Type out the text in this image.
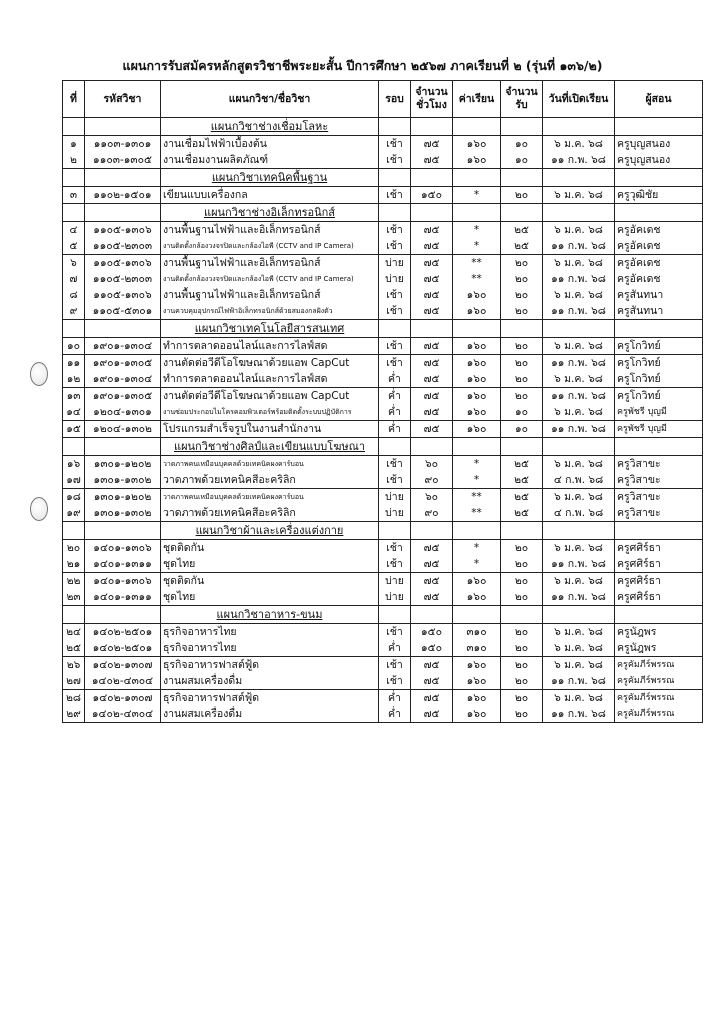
แผนการรับสมัครหลักสูตรวิชาชีพระยะสั้น ปีการศึกษา ๒๕๖๗ ภาคเรียนที่ ๒ (รุ่นที่ ๑๓๖/๒)
ที่	รหัสวิชา	แผนกวิชา/ชื่อวิชา	รอบ	จำนวนชั่วโมง	ค่าเรียน	จำนวนรับ	วันที่เปิดเรียน	ผู้สอน
		แผนกวิชาช่างเชื่อมโลหะ						
๑	๑๑๐๓-๑๓๐๑	งานเชื่อมไฟฟ้าเบื้องต้น	เช้า	๗๕	๑๖๐	๑๐	๖ ม.ค. ๖๘	ครูบุญสนอง
๒	๑๑๐๓-๑๓๐๕	งานเชื่อมงานผลิตภัณฑ์	เช้า	๗๕	๑๖๐	๑๐	๑๑ ก.พ. ๖๘	ครูบุญสนอง
		แผนกวิชาเทคนิคพื้นฐาน						
๓	๑๑๐๒-๑๕๐๑	เขียนแบบเครื่องกล	เช้า	๑๕๐	*	๒๐	๖ ม.ค. ๖๘	ครูวุฒิชัย
		แผนกวิชาช่างอิเล็กทรอนิกส์						
๔	๑๑๐๕-๑๓๐๖	งานพื้นฐานไฟฟ้าและอิเล็กทรอนิกส์	เช้า	๗๕	*	๒๕	๖ ม.ค. ๖๘	ครูอัคเดช
๕	๑๑๐๕-๒๓๐๓	งานติดตั้งกล้องวงจรปิดและกล้องไอพี (CCTV and IP Camera)	เช้า	๗๕	*	๒๕	๑๑ ก.พ. ๖๘	ครูอัคเดช
๖	๑๑๐๕-๑๓๐๖	งานพื้นฐานไฟฟ้าและอิเล็กทรอนิกส์	บ่าย	๗๕	**	๒๐	๖ ม.ค. ๖๘	ครูอัคเดช
๗	๑๑๐๕-๒๓๐๓	งานติดตั้งกล้องวงจรปิดและกล้องไอพี (CCTV and IP Camera)	บ่าย	๗๕	**	๒๐	๑๑ ก.พ. ๖๘	ครูอัคเดช
๘	๑๑๐๕-๑๓๐๖	งานพื้นฐานไฟฟ้าและอิเล็กทรอนิกส์	เช้า	๗๕	๑๖๐	๒๐	๖ ม.ค. ๖๘	ครูสันทนา
๙	๑๑๐๕-๕๓๐๑	งานควบคุมอุปกรณ์ไฟฟ้าอิเล็กทรอนิกส์ด้วยสมองกลฝังตัว	เช้า	๗๕	๑๖๐	๒๐	๑๑ ก.พ. ๖๘	ครูสันทนา
		แผนกวิชาเทคโนโลยีสารสนเทศ						
๑๐	๑๙๐๑-๑๓๐๔	ทำการตลาดออนไลน์และการไลฟ์สด	เช้า	๗๕	๑๖๐	๒๐	๖ ม.ค. ๖๘	ครูโกวิทย์
๑๑	๑๙๐๑-๑๓๐๕	งานตัดต่อวีดีโอโฆษณาด้วยแอพ CapCut	เช้า	๗๕	๑๖๐	๒๐	๑๑ ก.พ. ๖๘	ครูโกวิทย์
๑๒	๑๙๐๑-๑๓๐๔	ทำการตลาดออนไลน์และการไลฟ์สด	ค่ำ	๗๕	๑๖๐	๒๐	๖ ม.ค. ๖๘	ครูโกวิทย์
๑๓	๑๙๐๑-๑๓๐๕	งานตัดต่อวีดีโอโฆษณาด้วยแอพ CapCut	ค่ำ	๗๕	๑๖๐	๒๐	๑๑ ก.พ. ๖๘	ครูโกวิทย์
๑๔	๑๒๐๔-๑๓๐๑	งานซ่อมประกอบไมโครคอมพิวเตอร์พร้อมติดตั้งระบบปฏิบัติการ	ค่ำ	๗๕	๑๖๐	๑๐	๖ ม.ค. ๖๘	ครูพัชรี บุญมี
๑๕	๑๒๐๔-๑๓๐๒	โปรแกรมสำเร็จรูปในงานสำนักงาน	ค่ำ	๗๕	๑๖๐	๑๐	๑๑ ก.พ. ๖๘	ครูพัชรี บุญมี
		แผนกวิชาช่างศิลป์และเขียนแบบโฆษณา						
๑๖	๑๓๐๑-๑๒๐๒	วาดภาพคนเหมือนบุคคลด้วยเทคนิคผงคาร์บอน	เช้า	๖๐	*	๒๕	๖ ม.ค. ๖๘	ครูวิสาขะ
๑๗	๑๓๐๑-๑๓๐๒	วาดภาพด้วยเทคนิคสีอะคริลิก	เช้า	๙๐	*	๒๕	๔ ก.พ. ๖๘	ครูวิสาขะ
๑๘	๑๓๐๑-๑๒๐๒	วาดภาพคนเหมือนบุคคลด้วยเทคนิคผงคาร์บอน	บ่าย	๖๐	**	๒๕	๖ ม.ค. ๖๘	ครูวิสาขะ
๑๙	๑๓๐๑-๑๓๐๒	วาดภาพด้วยเทคนิคสีอะคริลิก	บ่าย	๙๐	**	๒๕	๔ ก.พ. ๖๘	ครูวิสาขะ
		แผนกวิชาผ้าและเครื่องแต่งกาย						
๒๐	๑๔๐๑-๑๓๐๖	ชุดติดกัน	เช้า	๗๕	*	๒๐	๖ ม.ค. ๖๘	ครูศศิร์ธา
๒๑	๑๔๐๑-๑๓๑๑	ชุดไทย	เช้า	๗๕	*	๒๐	๑๑ ก.พ. ๖๘	ครูศศิร์ธา
๒๒	๑๔๐๑-๑๓๐๖	ชุดติดกัน	บ่าย	๗๕	๑๖๐	๒๐	๖ ม.ค. ๖๘	ครูศศิร์ธา
๒๓	๑๔๐๑-๑๓๑๑	ชุดไทย	บ่าย	๗๕	๑๖๐	๒๐	๑๑ ก.พ. ๖๘	ครูศศิร์ธา
		แผนกวิชาอาหาร-ขนม						
๒๔	๑๔๐๒-๒๕๐๑	ธุรกิจอาหารไทย	เช้า	๑๕๐	๓๑๐	๒๐	๖ ม.ค. ๖๘	ครูนัฎพร
๒๕	๑๔๐๒-๒๕๐๑	ธุรกิจอาหารไทย	ค่ำ	๑๕๐	๓๑๐	๒๐	๖ ม.ค. ๖๘	ครูนัฎพร
๒๖	๑๔๐๒-๑๓๐๗	ธุรกิจอาหารฟาสต์ฟู้ด	เช้า	๗๕	๑๖๐	๒๐	๖ ม.ค. ๖๘	ครูคัมภีร์พรรณ
๒๗	๑๔๐๒-๔๓๐๔	งานผสมเครื่องดื่ม	เช้า	๗๕	๑๖๐	๒๐	๑๑ ก.พ. ๖๘	ครูคัมภีร์พรรณ
๒๘	๑๔๐๒-๑๓๐๗	ธุรกิจอาหารฟาสต์ฟู้ด	ค่ำ	๗๕	๑๖๐	๒๐	๖ ม.ค. ๖๘	ครูคัมภีร์พรรณ
๒๙	๑๔๐๒-๔๓๐๔	งานผสมเครื่องดื่ม	ค่ำ	๗๕	๑๖๐	๒๐	๑๑ ก.พ. ๖๘	ครูคัมภีร์พรรณ
